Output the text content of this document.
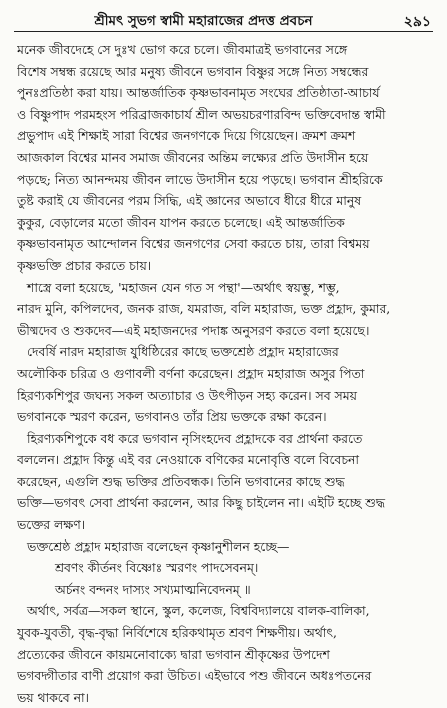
শ্রীমৎ সুভগ স্বামী মহারাজের প্রদত্ত প্রবচন	২৯১
মনেক জীবদেহে সে দুঃখ ভোগ করে চলে। জীবমাত্রই ভগবানের সঙ্গে
বিশেষ সম্বন্ধ রয়েছে আর মনুষ্য জীবনে ভগবান বিষ্ণুর সঙ্গে নিত্য সম্বন্ধের
পুনঃপ্রতিষ্ঠা করা যায়। আন্তর্জাতিক কৃষ্ণভাবনামৃত সংঘের প্রতিষ্ঠাতা-আচার্য
ও বিষ্ণুপাদ পরমহংস পরিব্রাজকাচার্য শ্রীল অভয়চরণারবিন্দ ভক্তিবেদান্ত স্বামী
প্রভুপাদ এই শিক্ষাই সারা বিশ্বের জনগণকে দিয়ে গিয়েছেন। ক্রমশ ক্রমশ
আজকাল বিশ্বের মানব সমাজ জীবনের অন্তিম লক্ষ্যের প্রতি উদাসীন হয়ে
পড়ছে; নিত্য আনন্দময় জীবন লাভে উদাসীন হয়ে পড়ছে। ভগবান শ্রীহরিকে
তুষ্ট করাই যে জীবনের পরম সিদ্ধি, এই জ্ঞানের অভাবে ধীরে ধীরে মানুষ
কুকুর, বেড়ালের মতো জীবন যাপন করতে চলেছে। এই আন্তর্জাতিক
কৃষ্ণভাবনামৃত আন্দোলন বিশ্বের জনগণের সেবা করতে চায়, তারা বিশ্বময়
কৃষ্ণভক্তি প্রচার করতে চায়।
শাস্ত্রে বলা হয়েছে, 'মহাজন যেন গত স পন্থা'—অর্থাৎ স্বয়ম্ভু, শম্ভু,
নারদ মুনি, কপিলদেব, জনক রাজ, যমরাজ, বলি মহারাজ, ভক্ত প্রহ্লাদ, কুমার,
ভীষ্মদেব ও শুকদেব—এই মহাজনদের পদাঙ্ক অনুসরণ করতে বলা হয়েছে।
দেবর্ষি নারদ মহারাজ যুধিষ্ঠিরের কাছে ভক্তশ্রেষ্ঠ প্রহ্লাদ মহারাজের
অলৌকিক চরিত্র ও গুণাবলী বর্ণনা করেছেন। প্রহ্লাদ মহারাজ অসুর পিতা
হিরণ্যকশিপুর জঘন্য সকল অত্যাচার ও উৎপীড়ন সহ্য করেন। সব সময়
ভগবানকে স্মরণ করেন, ভগবানও তাঁর প্রিয় ভক্তকে রক্ষা করেন।
হিরণ্যকশিপুকে বধ করে ভগবান নৃসিংহদেব প্রহ্লাদকে বর প্রার্থনা করতে
বললেন। প্রহ্লাদ কিন্তু এই বর নেওয়াকে বণিকের মনোবৃত্তি বলে বিবেচনা
করেছেন, এগুলি শুদ্ধ ভক্তির প্রতিবন্ধক। তিনি ভগবানের কাছে শুদ্ধ
ভক্তি—ভগবৎ সেবা প্রার্থনা করলেন, আর কিছু চাইলেন না। এইটি হচ্ছে শুদ্ধ
ভক্তের লক্ষণ।
ভক্তশ্রেষ্ঠ প্রহ্লাদ মহারাজ বলেছেন কৃষ্ণানুশীলন হচ্ছে—
শ্রবণং কীর্তনং বিষ্ণোঃ স্মরণং পাদসেবনম্।
অর্চনং বন্দনং দাস্যং সখ্যমাত্মনিবেদনম্ ॥
অর্থাৎ, সর্বত্র—সকল স্থানে, স্কুল, কলেজ, বিশ্ববিদ্যালয়ে বালক-বালিকা,
যুবক-যুবতী, বৃদ্ধ-বৃদ্ধা নির্বিশেষে হরিকথামৃত শ্রবণ শিক্ষণীয়। অর্থাৎ,
প্রত্যেকের জীবনে কায়মনোবাক্যে দ্বারা ভগবান শ্রীকৃষ্ণের উপদেশ
ভগবদ্গীতার বাণী প্রয়োগ করা উচিত। এইভাবে পশু জীবনে অধঃপতনের
ভয় থাকবে না।
